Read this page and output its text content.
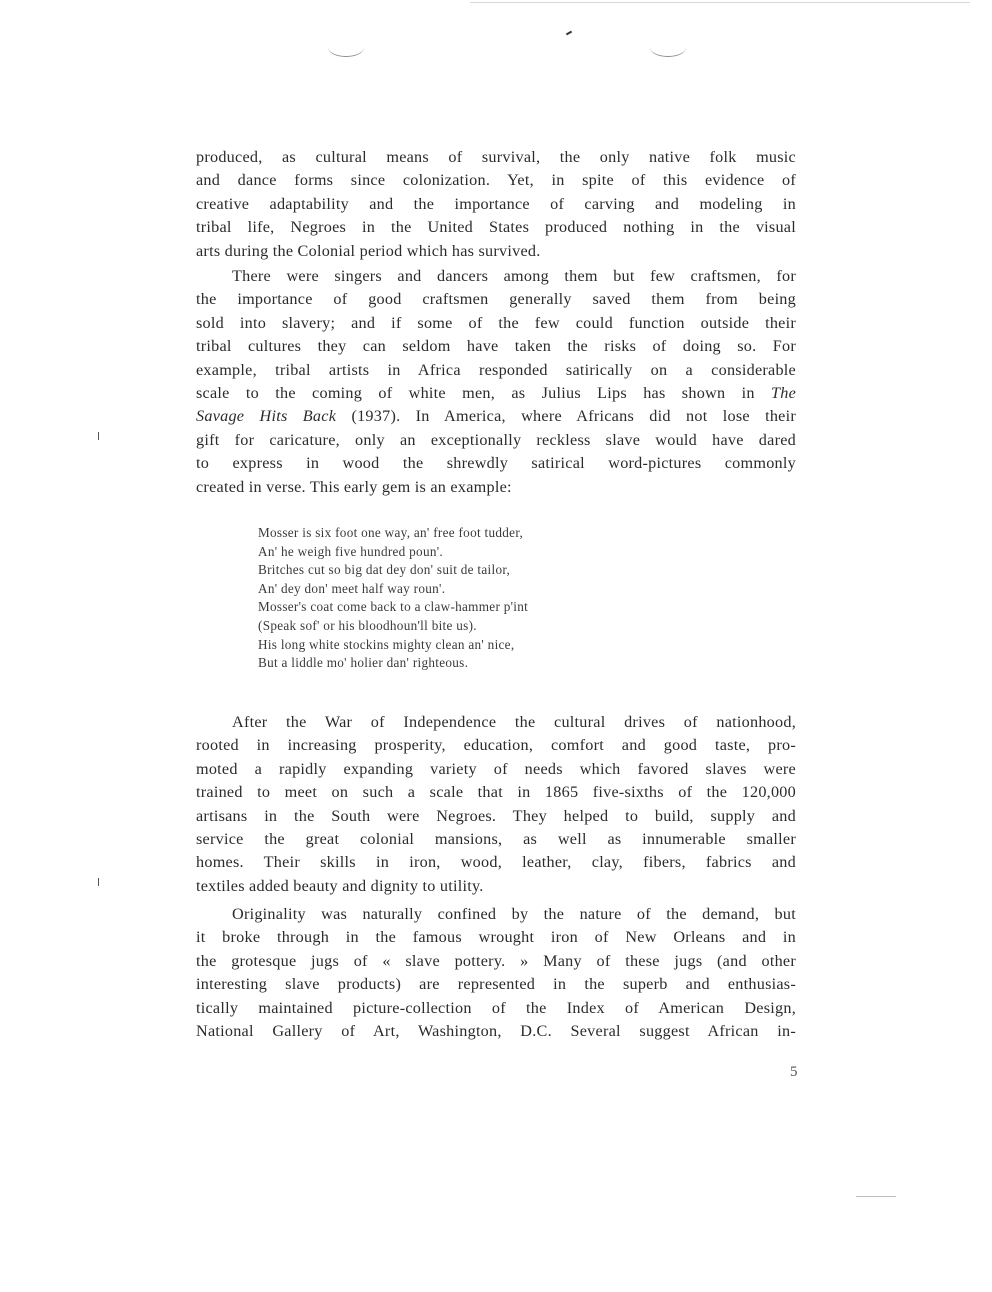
produced, as cultural means of survival, the only native folk music
and dance forms since colonization. Yet, in spite of this evidence of
creative adaptability and the importance of carving and modeling in
tribal life, Negroes in the United States produced nothing in the visual
arts during the Colonial period which has survived.
There were singers and dancers among them but few craftsmen, for
the importance of good craftsmen generally saved them from being
sold into slavery; and if some of the few could function outside their
tribal cultures they can seldom have taken the risks of doing so. For
example, tribal artists in Africa responded satirically on a considerable
scale to the coming of white men, as Julius Lips has shown in The
Savage Hits Back (1937). In America, where Africans did not lose their
gift for caricature, only an exceptionally reckless slave would have dared
to express in wood the shrewdly satirical word-pictures commonly
created in verse. This early gem is an example:
Mosser is six foot one way, an' free foot tudder,
An' he weigh five hundred poun'.
Britches cut so big dat dey don' suit de tailor,
An' dey don' meet half way roun'.
Mosser's coat come back to a claw-hammer p'int
(Speak sof' or his bloodhoun'll bite us).
His long white stockins mighty clean an' nice,
But a liddle mo' holier dan' righteous.
After the War of Independence the cultural drives of nationhood,
rooted in increasing prosperity, education, comfort and good taste, pro-
moted a rapidly expanding variety of needs which favored slaves were
trained to meet on such a scale that in 1865 five-sixths of the 120,000
artisans in the South were Negroes. They helped to build, supply and
service the great colonial mansions, as well as innumerable smaller
homes. Their skills in iron, wood, leather, clay, fibers, fabrics and
textiles added beauty and dignity to utility.
Originality was naturally confined by the nature of the demand, but
it broke through in the famous wrought iron of New Orleans and in
the grotesque jugs of « slave pottery. » Many of these jugs (and other
interesting slave products) are represented in the superb and enthusias-
tically maintained picture-collection of the Index of American Design,
National Gallery of Art, Washington, D.C. Several suggest African in-
5
